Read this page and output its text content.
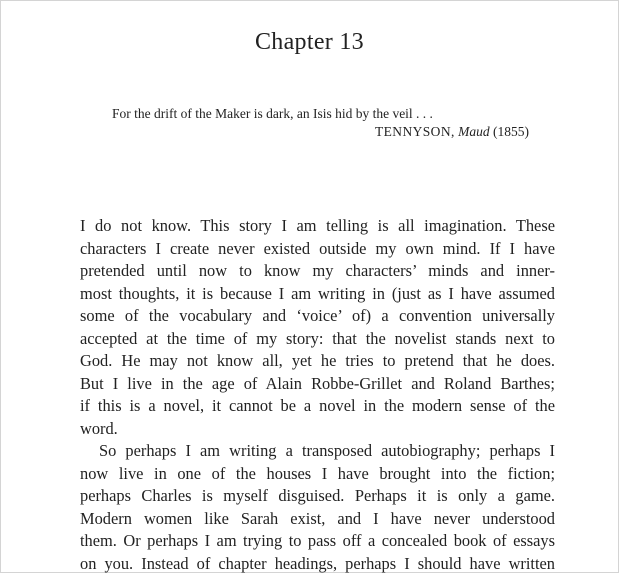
Chapter 13
For the drift of the Maker is dark, an Isis hid by the veil . . .
TENNYSON, Maud (1855)
I do not know. This story I am telling is all imagination. These
characters I create never existed outside my own mind. If I have
pretended until now to know my characters’ minds and inner-
most thoughts, it is because I am writing in (just as I have assumed
some of the vocabulary and ‘voice’ of) a convention universally
accepted at the time of my story: that the novelist stands next to
God. He may not know all, yet he tries to pretend that he does.
But I live in the age of Alain Robbe-Grillet and Roland Barthes;
if this is a novel, it cannot be a novel in the modern sense of the
word.
So perhaps I am writing a transposed autobiography; perhaps I
now live in one of the houses I have brought into the fiction;
perhaps Charles is myself disguised. Perhaps it is only a game.
Modern women like Sarah exist, and I have never understood
them. Or perhaps I am trying to pass off a concealed book of essays
on you. Instead of chapter headings, perhaps I should have written
